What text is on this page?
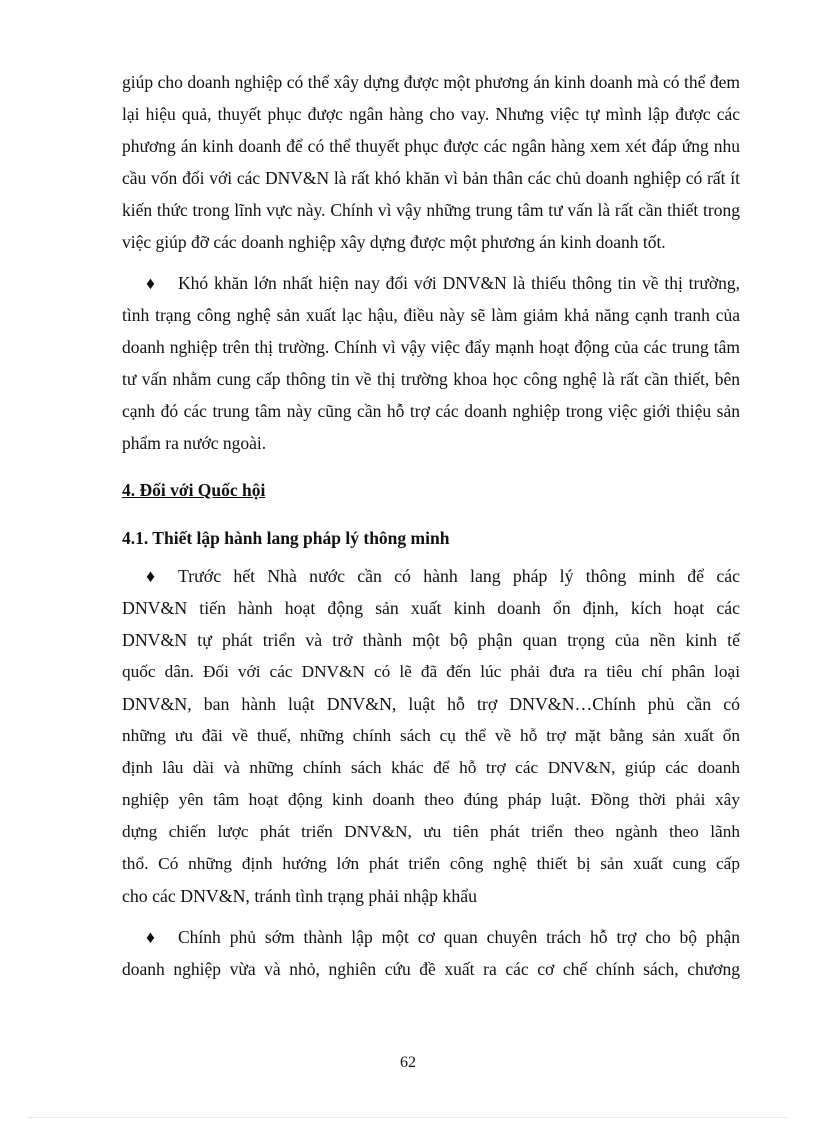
giúp cho doanh nghiệp có thể xây dựng được một phương án kinh doanh mà có thể đem
lại hiệu quả, thuyết phục được ngân hàng cho vay. Nhưng việc tự mình lập được các
phương án kinh doanh để có thể thuyết phục được các ngân hàng xem xét đáp ứng nhu
cầu vốn đối với các DNV&N là rất khó khăn vì bản thân các chủ doanh nghiệp có rất ít
kiến thức trong lĩnh vực này. Chính vì vậy những trung tâm tư vấn là rất cần thiết trong
việc giúp đỡ các doanh nghiệp xây dựng được một phương án kinh doanh tốt.
♦ Khó khăn lớn nhất hiện nay đối với DNV&N là thiếu thông tin về thị trường,
tình trạng công nghệ sản xuất lạc hậu, điều này sẽ làm giảm khả năng cạnh tranh của
doanh nghiệp trên thị trường. Chính vì vậy việc đẩy mạnh hoạt động của các trung tâm
tư vấn nhằm cung cấp thông tin về thị trường khoa học công nghệ là rất cần thiết, bên
cạnh đó các trung tâm này cũng cần hỗ trợ các doanh nghiệp trong việc giới thiệu sản
phẩm ra nước ngoài.
4. Đối với Quốc hội
4.1. Thiết lập hành lang pháp lý thông minh
♦ Trước hết Nhà nước cần có hành lang pháp lý thông minh để các
DNV&N tiến hành hoạt động sản xuất kinh doanh ổn định, kích hoạt các
DNV&N tự phát triển và trở thành một bộ phận quan trọng của nền kinh tế
quốc dân. Đối với các DNV&N có lẽ đã đến lúc phải đưa ra tiêu chí phân loại
DNV&N, ban hành luật DNV&N, luật hỗ trợ DNV&N…Chính phủ cần có
những ưu đãi về thuế, những chính sách cụ thể về hỗ trợ mặt bằng sản xuất ổn
định lâu dài và những chính sách khác để hỗ trợ các DNV&N, giúp các doanh
nghiệp yên tâm hoạt động kinh doanh theo đúng pháp luật. Đồng thời phải xây
dựng chiến lược phát triển DNV&N, ưu tiên phát triển theo ngành theo lãnh
thổ. Có những định hướng lớn phát triển công nghệ thiết bị sản xuất cung cấp
cho các DNV&N, tránh tình trạng phải nhập khẩu
♦ Chính phủ sớm thành lập một cơ quan chuyên trách hỗ trợ cho bộ phận
doanh nghiệp vừa và nhỏ, nghiên cứu đề xuất ra các cơ chế chính sách, chương
62
